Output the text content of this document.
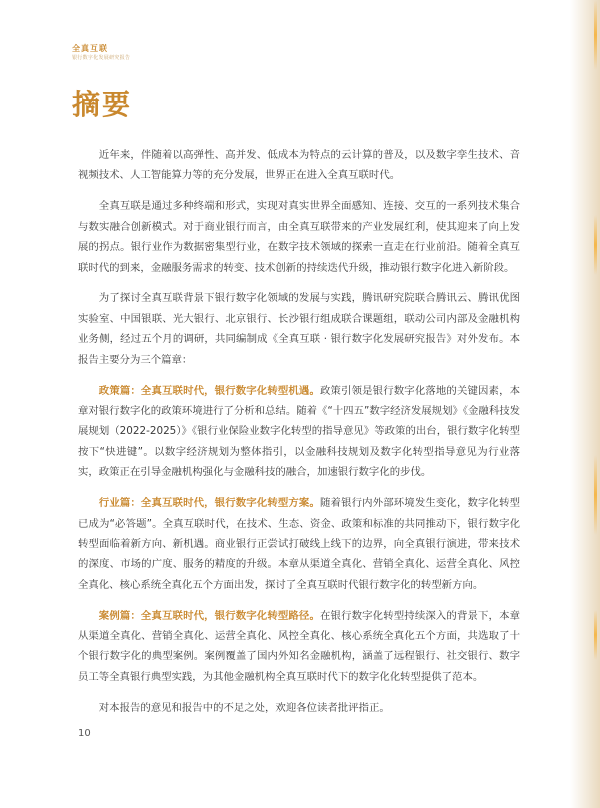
全真互联
银行数字化发展研究报告
摘要

近年来，伴随着以高弹性、高并发、低成本为特点的云计算的普及，以及数字孪生技术、音视频技术、人工智能算力等的充分发展，世界正在进入全真互联时代。

全真互联是通过多种终端和形式，实现对真实世界全面感知、连接、交互的一系列技术集合与数实融合创新模式。对于商业银行而言，由全真互联带来的产业发展红利，使其迎来了向上发展的拐点。银行业作为数据密集型行业，在数字技术领域的探索一直走在行业前沿。随着全真互联时代的到来，金融服务需求的转变、技术创新的持续迭代升级，推动银行数字化进入新阶段。

为了探讨全真互联背景下银行数字化领域的发展与实践，腾讯研究院联合腾讯云、腾讯优图实验室、中国银联、光大银行、北京银行、长沙银行组成联合课题组，联动公司内部及金融机构业务侧，经过五个月的调研，共同编制成《全真互联 · 银行数字化发展研究报告》对外发布。本报告主要分为三个篇章：

政策篇：全真互联时代，银行数字化转型机遇。政策引领是银行数字化落地的关键因素，本章对银行数字化的政策环境进行了分析和总结。随着《“十四五”数字经济发展规划》《金融科技发展规划（2022-2025）》《银行业保险业数字化转型的指导意见》等政策的出台，银行数字化转型按下“快进键”。以数字经济规划为整体指引，以金融科技规划及数字化转型指导意见为行业落实，政策正在引导金融机构强化与金融科技的融合，加速银行数字化的步伐。

行业篇：全真互联时代，银行数字化转型方案。随着银行内外部环境发生变化，数字化转型已成为“必答题”。全真互联时代，在技术、生态、资金、政策和标准的共同推动下，银行数字化转型面临着新方向、新机遇。商业银行正尝试打破线上线下的边界，向全真银行演进，带来技术的深度、市场的广度、服务的精度的升级。本章从渠道全真化、营销全真化、运营全真化、风控全真化、核心系统全真化五个方面出发，探讨了全真互联时代银行数字化的转型新方向。

案例篇：全真互联时代，银行数字化转型路径。在银行数字化转型持续深入的背景下，本章从渠道全真化、营销全真化、运营全真化、风控全真化、核心系统全真化五个方面，共选取了十个银行数字化的典型案例。案例覆盖了国内外知名金融机构，涵盖了远程银行、社交银行、数字员工等全真银行典型实践，为其他金融机构全真互联时代下的数字化化转型提供了范本。

对本报告的意见和报告中的不足之处，欢迎各位读者批评指正。

10
